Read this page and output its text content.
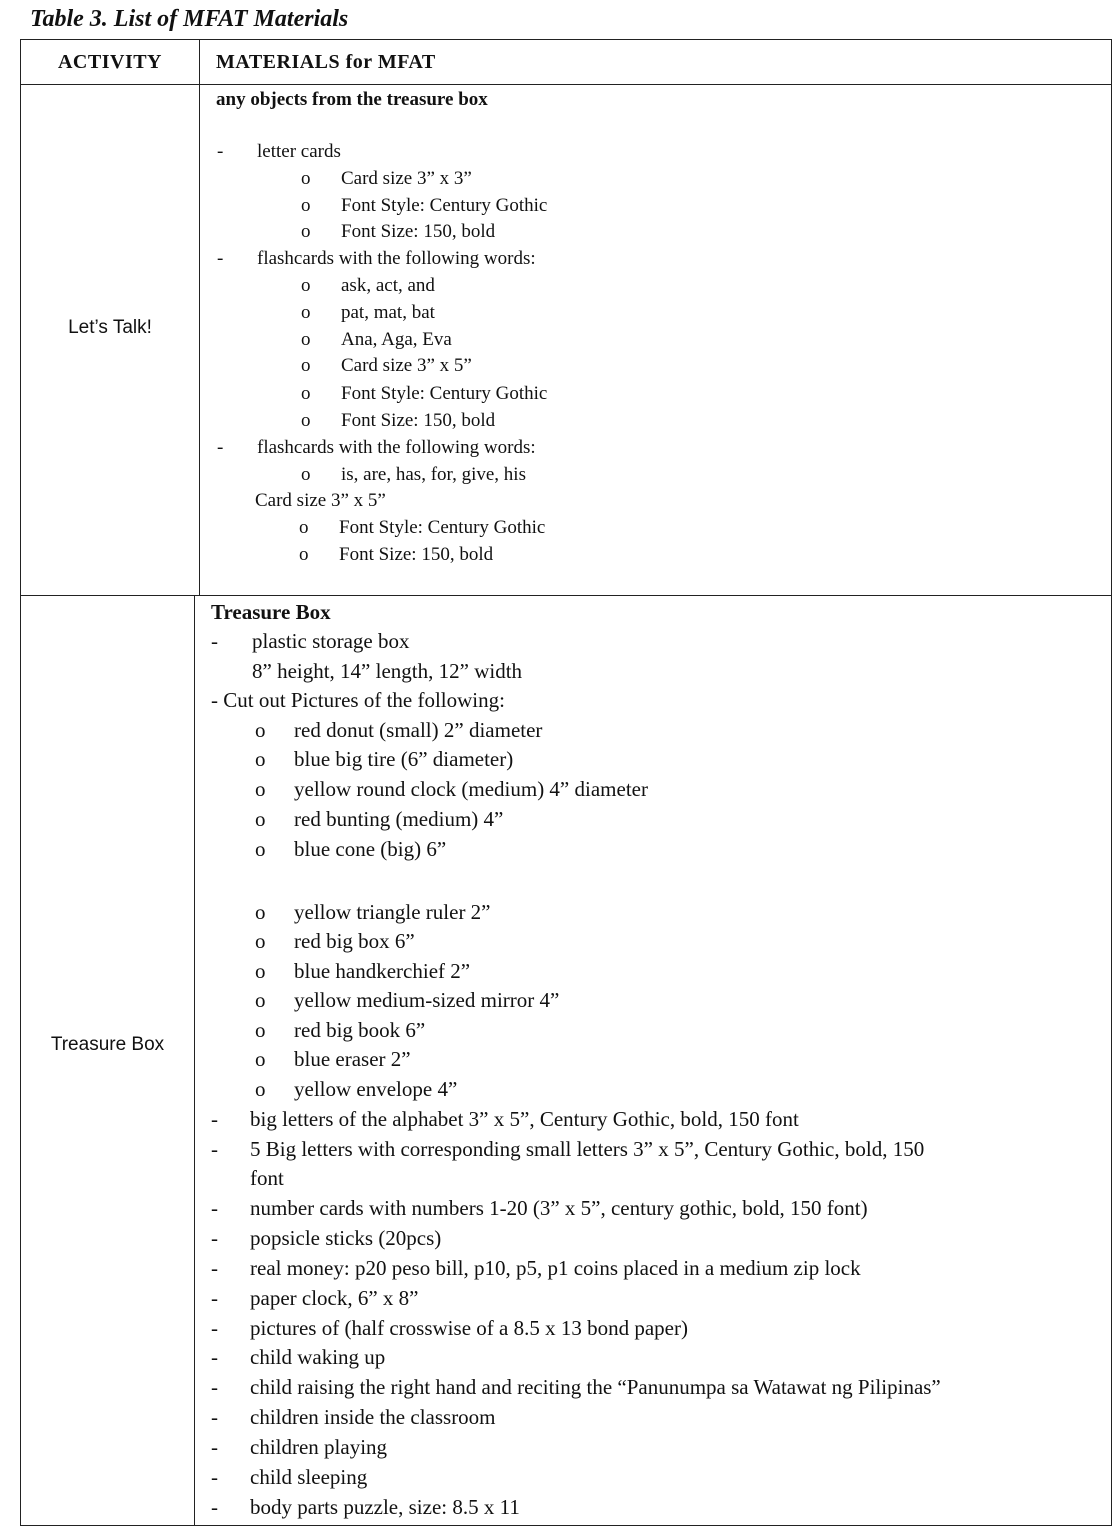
Table 3. List of MFAT Materials
ACTIVITY	MATERIALS for MFAT
Let’s Talk!
any objects from the treasure box
- letter cards
o Card size 3” x 3”
o Font Style: Century Gothic
o Font Size: 150, bold
- flashcards with the following words:
o ask, act, and
o pat, mat, bat
o Ana, Aga, Eva
o Card size 3” x 5”
o Font Style: Century Gothic
o Font Size: 150, bold
- flashcards with the following words:
o is, are, has, for, give, his
Card size 3” x 5”
o Font Style: Century Gothic
o Font Size: 150, bold
Treasure Box
Treasure Box
- plastic storage box
8” height, 14” length, 12” width
- Cut out Pictures of the following:
o red donut (small) 2” diameter
o blue big tire (6” diameter)
o yellow round clock (medium) 4” diameter
o red bunting (medium) 4”
o blue cone (big) 6”
o yellow triangle ruler 2”
o red big box 6”
o blue handkerchief 2”
o yellow medium-sized mirror 4”
o red big book 6”
o blue eraser 2”
o yellow envelope 4”
- big letters of the alphabet 3” x 5”, Century Gothic, bold, 150 font
- 5 Big letters with corresponding small letters 3” x 5”, Century Gothic, bold, 150
font
- number cards with numbers 1-20 (3” x 5”, century gothic, bold, 150 font)
- popsicle sticks (20pcs)
- real money: p20 peso bill, p10, p5, p1 coins placed in a medium zip lock
- paper clock, 6” x 8”
- pictures of (half crosswise of a 8.5 x 13 bond paper)
- child waking up
- child raising the right hand and reciting the “Panunumpa sa Watawat ng Pilipinas”
- children inside the classroom
- children playing
- child sleeping
- body parts puzzle, size: 8.5 x 11
